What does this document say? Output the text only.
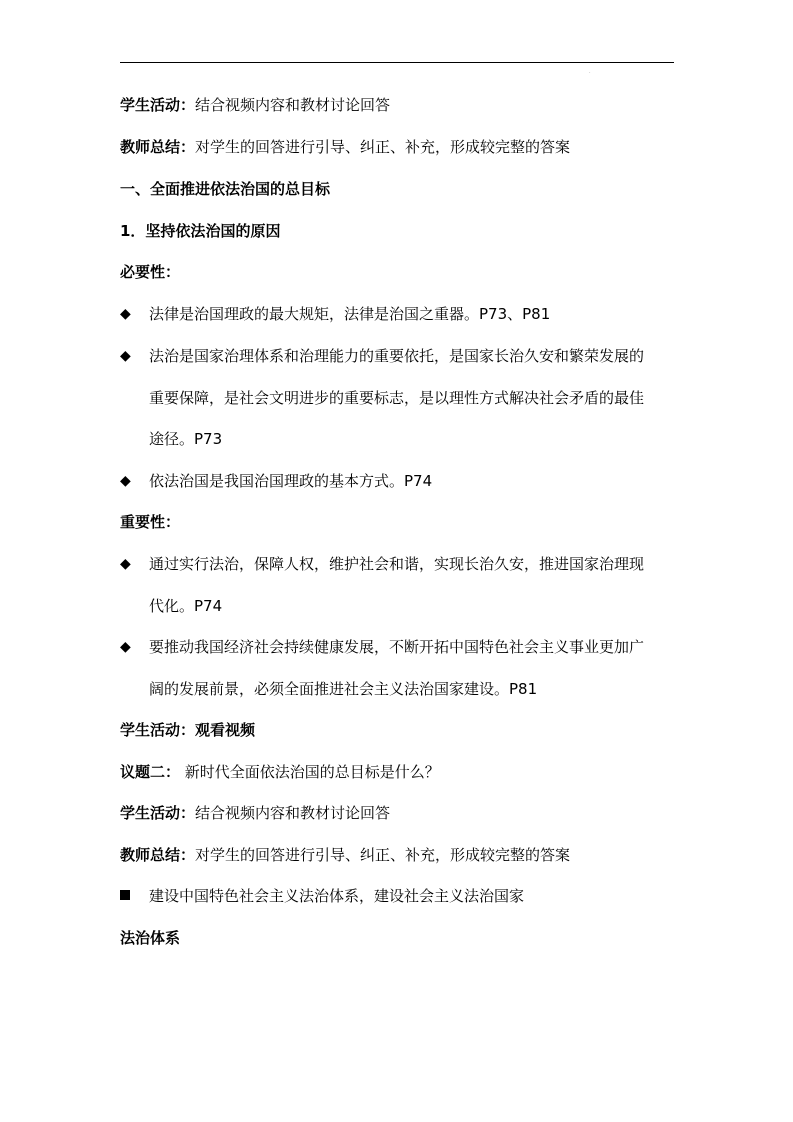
·
学生活动：结合视频内容和教材讨论回答
教师总结：对学生的回答进行引导、纠正、补充，形成较完整的答案
一、全面推进依法治国的总目标
1．坚持依法治国的原因
必要性：
◆ 法律是治国理政的最大规矩，法律是治国之重器。P73、P81
◆ 法治是国家治理体系和治理能力的重要依托，是国家长治久安和繁荣发展的
重要保障，是社会文明进步的重要标志，是以理性方式解决社会矛盾的最佳
途径。P73
◆ 依法治国是我国治国理政的基本方式。P74
重要性：
◆ 通过实行法治，保障人权，维护社会和谐，实现长治久安，推进国家治理现
代化。P74
◆ 要推动我国经济社会持续健康发展，不断开拓中国特色社会主义事业更加广
阔的发展前景，必须全面推进社会主义法治国家建设。P81
学生活动：观看视频
议题二： 新时代全面依法治国的总目标是什么？
学生活动：结合视频内容和教材讨论回答
教师总结：对学生的回答进行引导、纠正、补充，形成较完整的答案
建设中国特色社会主义法治体系，建设社会主义法治国家
法治体系
